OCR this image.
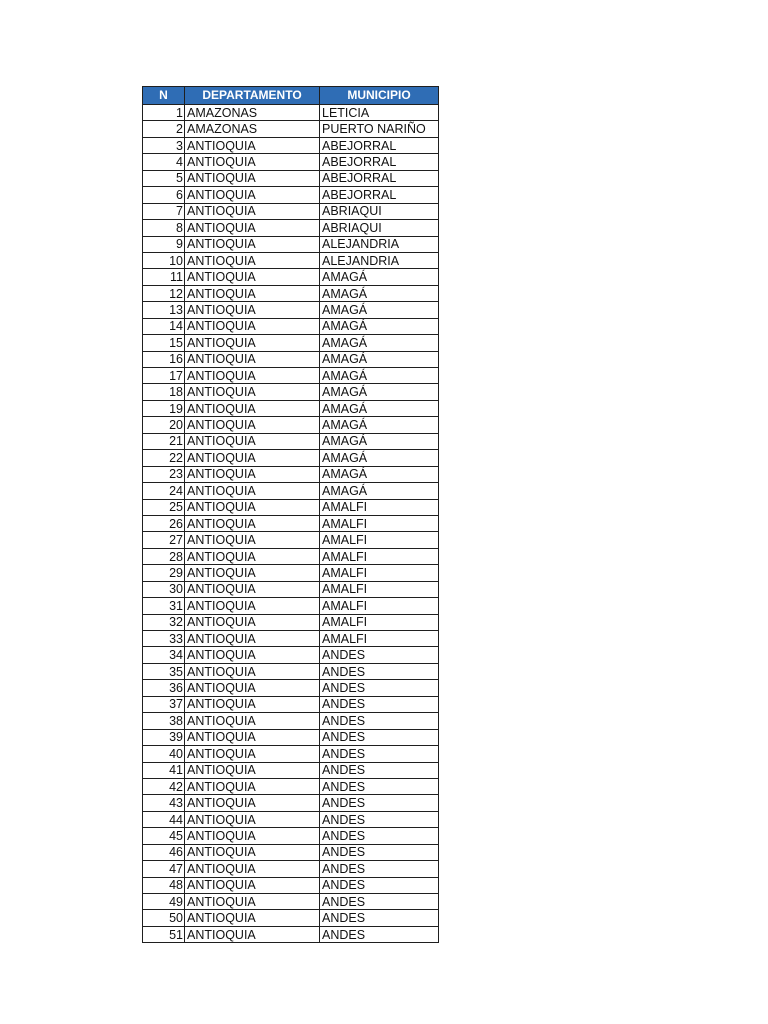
N	DEPARTAMENTO	MUNICIPIO
1	AMAZONAS	LETICIA
2	AMAZONAS	PUERTO NARIÑO
3	ANTIOQUIA	ABEJORRAL
4	ANTIOQUIA	ABEJORRAL
5	ANTIOQUIA	ABEJORRAL
6	ANTIOQUIA	ABEJORRAL
7	ANTIOQUIA	ABRIAQUI
8	ANTIOQUIA	ABRIAQUI
9	ANTIOQUIA	ALEJANDRIA
10	ANTIOQUIA	ALEJANDRIA
11	ANTIOQUIA	AMAGÁ
12	ANTIOQUIA	AMAGÁ
13	ANTIOQUIA	AMAGÁ
14	ANTIOQUIA	AMAGÁ
15	ANTIOQUIA	AMAGÁ
16	ANTIOQUIA	AMAGÁ
17	ANTIOQUIA	AMAGÁ
18	ANTIOQUIA	AMAGÁ
19	ANTIOQUIA	AMAGÁ
20	ANTIOQUIA	AMAGÁ
21	ANTIOQUIA	AMAGÁ
22	ANTIOQUIA	AMAGÁ
23	ANTIOQUIA	AMAGÁ
24	ANTIOQUIA	AMAGÁ
25	ANTIOQUIA	AMALFI
26	ANTIOQUIA	AMALFI
27	ANTIOQUIA	AMALFI
28	ANTIOQUIA	AMALFI
29	ANTIOQUIA	AMALFI
30	ANTIOQUIA	AMALFI
31	ANTIOQUIA	AMALFI
32	ANTIOQUIA	AMALFI
33	ANTIOQUIA	AMALFI
34	ANTIOQUIA	ANDES
35	ANTIOQUIA	ANDES
36	ANTIOQUIA	ANDES
37	ANTIOQUIA	ANDES
38	ANTIOQUIA	ANDES
39	ANTIOQUIA	ANDES
40	ANTIOQUIA	ANDES
41	ANTIOQUIA	ANDES
42	ANTIOQUIA	ANDES
43	ANTIOQUIA	ANDES
44	ANTIOQUIA	ANDES
45	ANTIOQUIA	ANDES
46	ANTIOQUIA	ANDES
47	ANTIOQUIA	ANDES
48	ANTIOQUIA	ANDES
49	ANTIOQUIA	ANDES
50	ANTIOQUIA	ANDES
51	ANTIOQUIA	ANDES
